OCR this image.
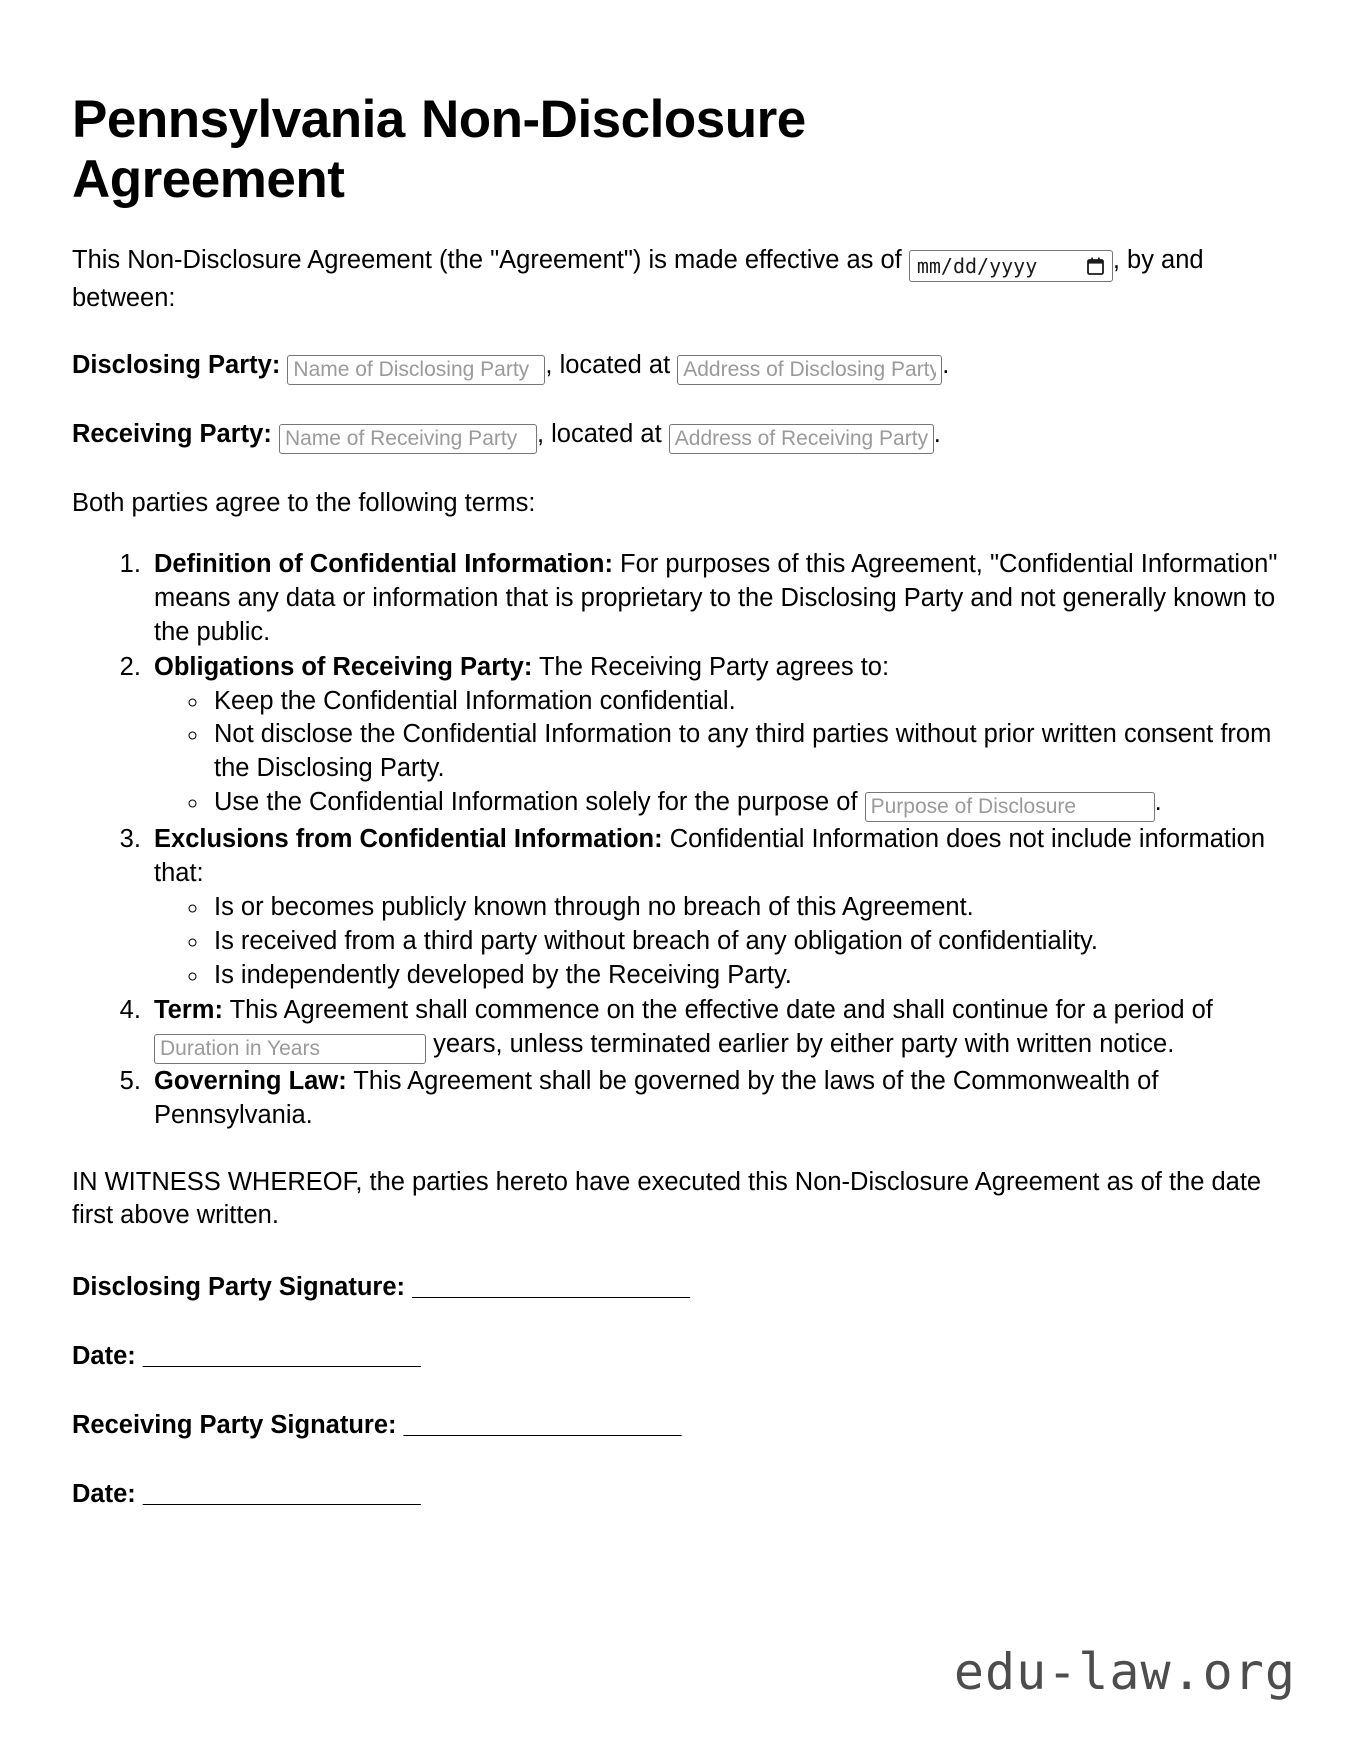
Pennsylvania Non-Disclosure Agreement

This Non-Disclosure Agreement (the "Agreement") is made effective as of mm/dd/yyyy	, by and between:

Disclosing Party: Name of Disclosing Party	, located at Address of Disclosing Party	.

Receiving Party: Name of Receiving Party	, located at Address of Receiving Party	.

Both parties agree to the following terms:

1. Definition of Confidential Information: For purposes of this Agreement, "Confidential Information" means any data or information that is proprietary to the Disclosing Party and not generally known to the public.
2. Obligations of Receiving Party: The Receiving Party agrees to:
◦ Keep the Confidential Information confidential.
◦ Not disclose the Confidential Information to any third parties without prior written consent from the Disclosing Party.
◦ Use the Confidential Information solely for the purpose of Purpose of Disclosure	.
3. Exclusions from Confidential Information: Confidential Information does not include information that:
◦ Is or becomes publicly known through no breach of this Agreement.
◦ Is received from a third party without breach of any obligation of confidentiality.
◦ Is independently developed by the Receiving Party.
4. Term: This Agreement shall commence on the effective date and shall continue for a period of Duration in Years years, unless terminated earlier by either party with written notice.
5. Governing Law: This Agreement shall be governed by the laws of the Commonwealth of Pennsylvania.

IN WITNESS WHEREOF, the parties hereto have executed this Non-Disclosure Agreement as of the date first above written.

Disclosing Party Signature: _____________________
Date: _____________________
Receiving Party Signature: _____________________
Date: _____________________
edu-law.org
